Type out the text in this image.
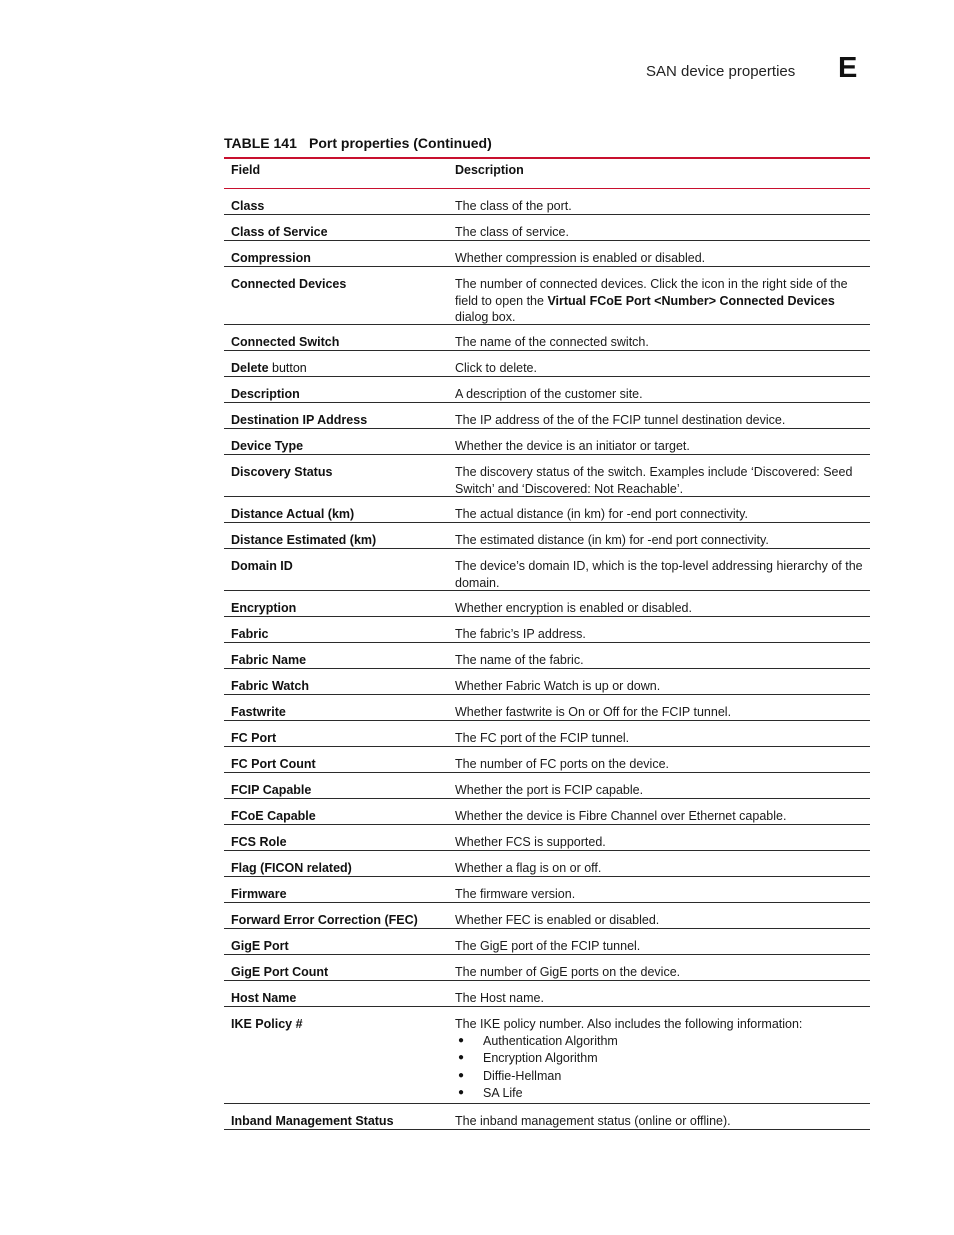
SAN device properties E
TABLE 141 Port properties (Continued)
Field	Description
Class	The class of the port.
Class of Service	The class of service.
Compression	Whether compression is enabled or disabled.
Connected Devices	The number of connected devices. Click the icon in the right side of the field to open the Virtual FCoE Port <Number> Connected Devices dialog box.
Connected Switch	The name of the connected switch.
Delete button	Click to delete.
Description	A description of the customer site.
Destination IP Address	The IP address of the of the FCIP tunnel destination device.
Device Type	Whether the device is an initiator or target.
Discovery Status	The discovery status of the switch. Examples include ‘Discovered: Seed Switch’ and ‘Discovered: Not Reachable’.
Distance Actual (km)	The actual distance (in km) for -end port connectivity.
Distance Estimated (km)	The estimated distance (in km) for -end port connectivity.
Domain ID	The device’s domain ID, which is the top-level addressing hierarchy of the domain.
Encryption	Whether encryption is enabled or disabled.
Fabric	The fabric’s IP address.
Fabric Name	The name of the fabric.
Fabric Watch	Whether Fabric Watch is up or down.
Fastwrite	Whether fastwrite is On or Off for the FCIP tunnel.
FC Port	The FC port of the FCIP tunnel.
FC Port Count	The number of FC ports on the device.
FCIP Capable	Whether the port is FCIP capable.
FCoE Capable	Whether the device is Fibre Channel over Ethernet capable.
FCS Role	Whether FCS is supported.
Flag (FICON related)	Whether a flag is on or off.
Firmware	The firmware version.
Forward Error Correction (FEC)	Whether FEC is enabled or disabled.
GigE Port	The GigE port of the FCIP tunnel.
GigE Port Count	The number of GigE ports on the device.
Host Name	The Host name.
IKE Policy #	The IKE policy number. Also includes the following information:
● Authentication Algorithm
● Encryption Algorithm
● Diffie-Hellman
● SA Life
Inband Management Status	The inband management status (online or offline).
